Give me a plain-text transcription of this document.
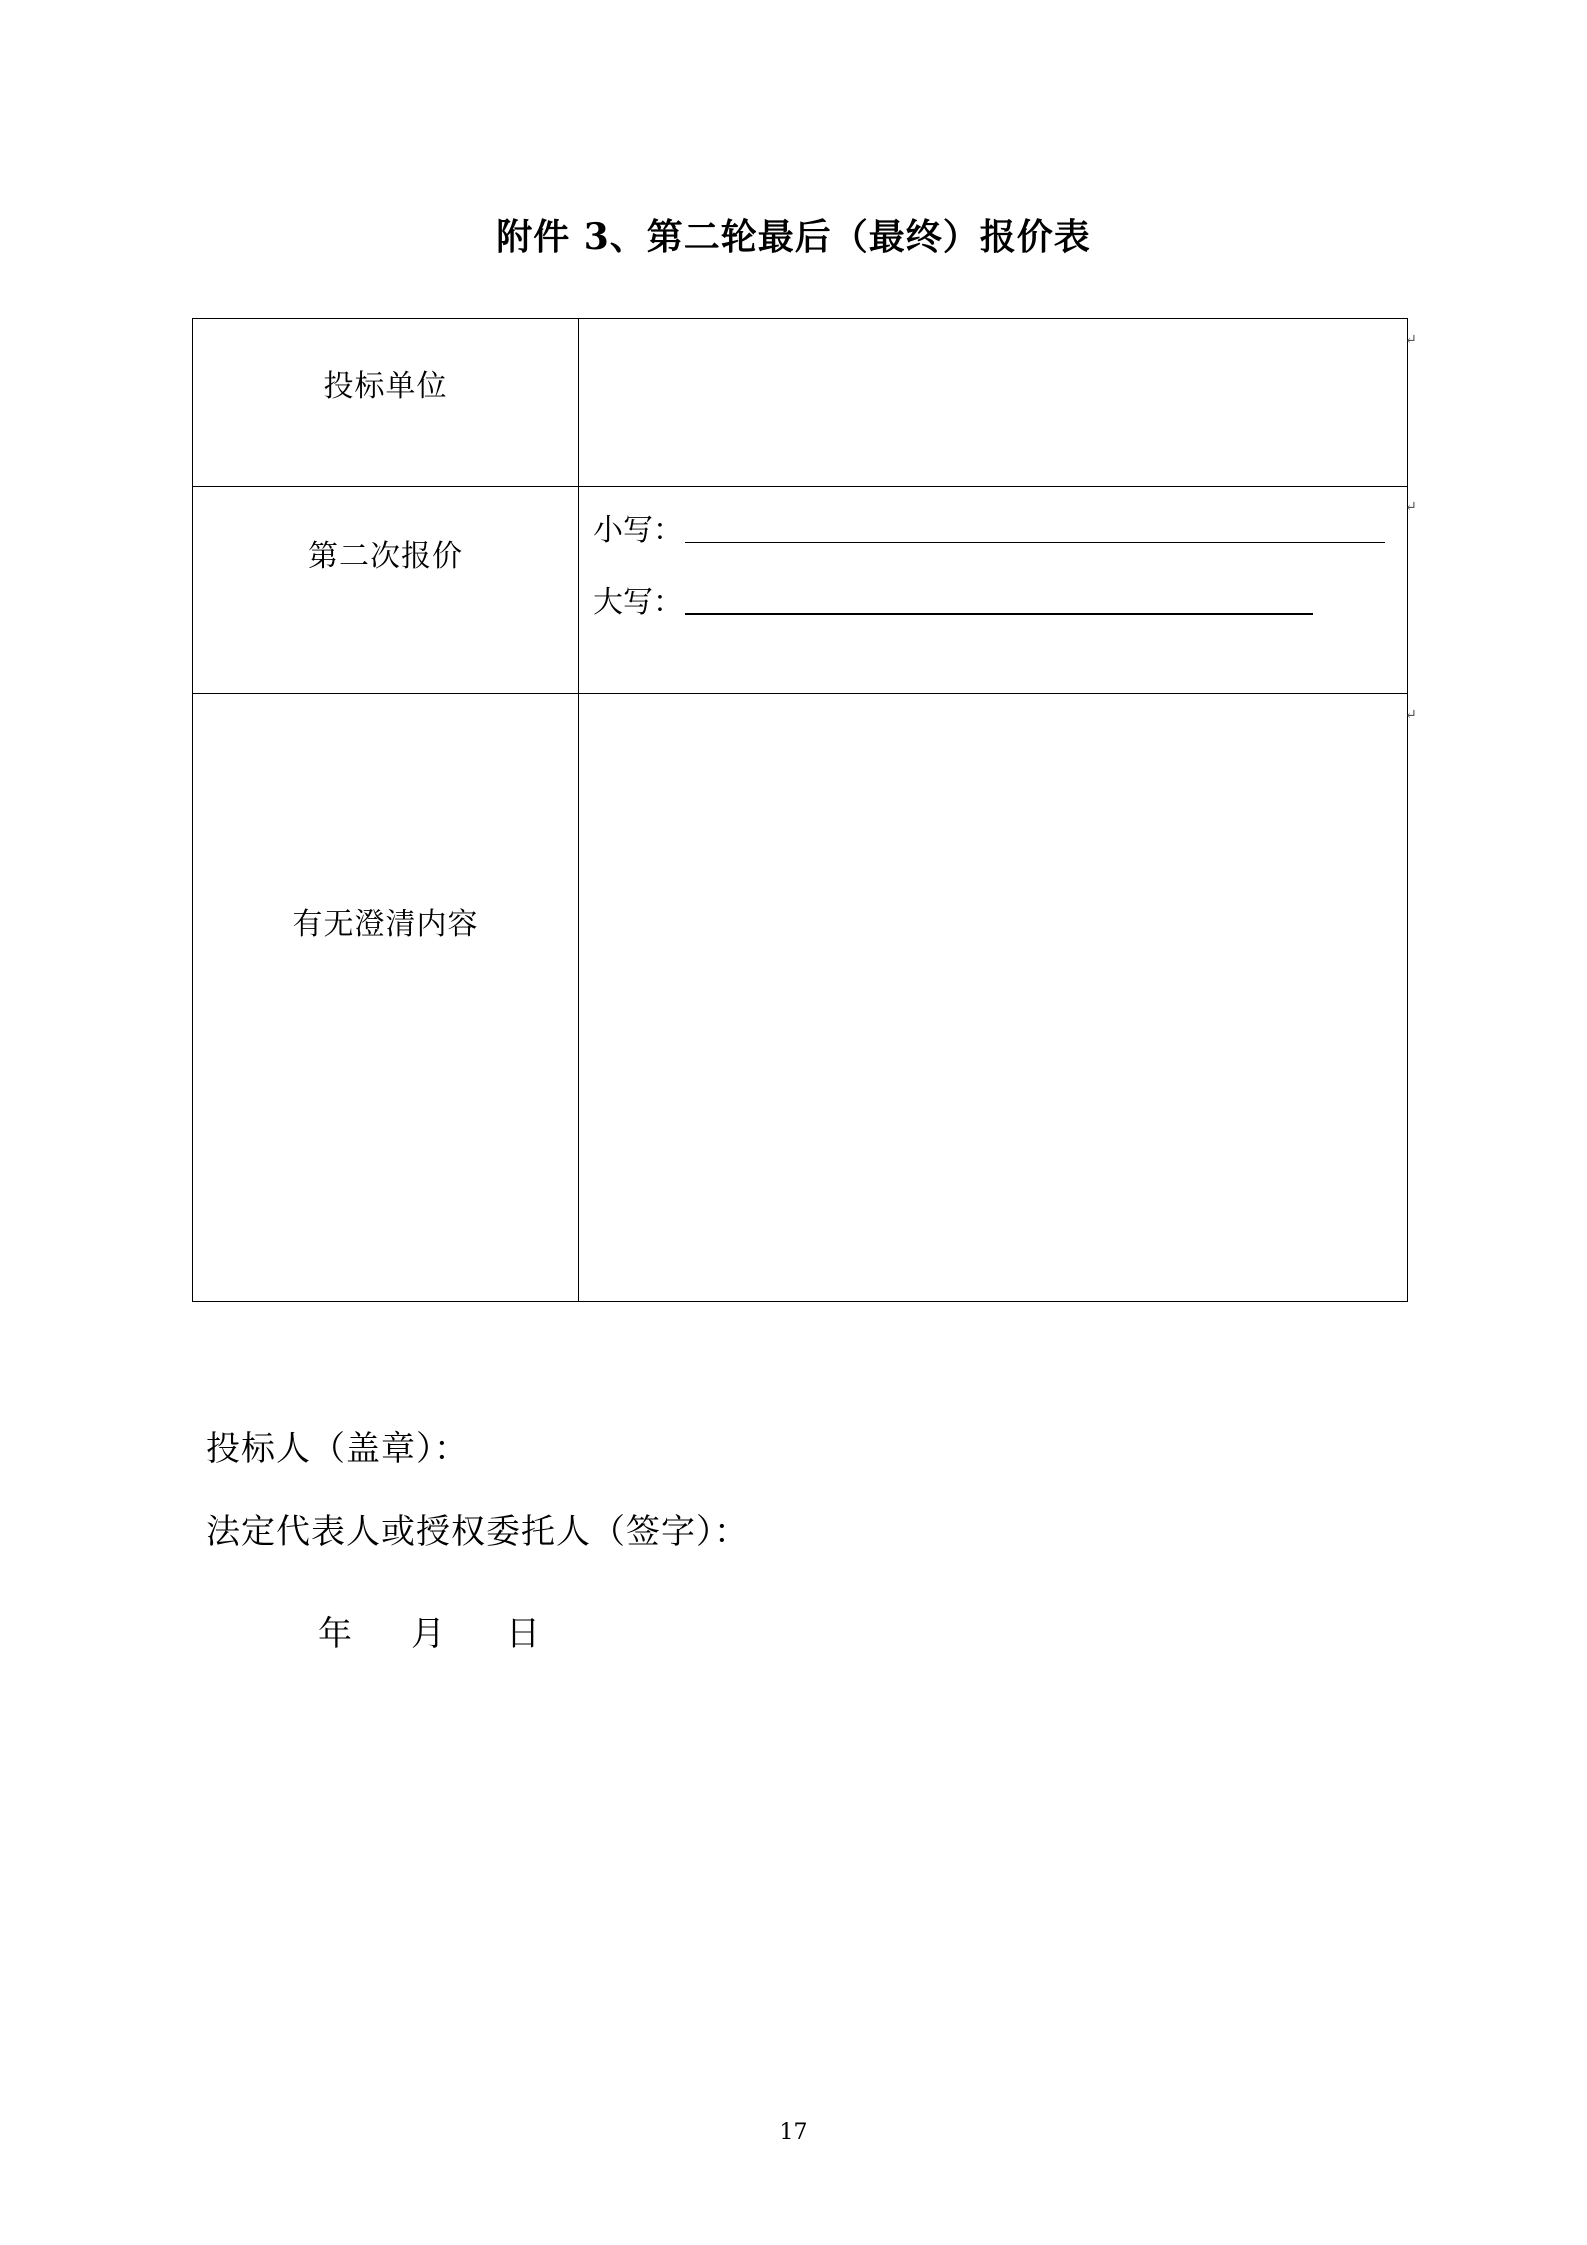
附件 3、第二轮最后（最终）报价表
投标单位
第二次报价
小写：
大写：
有无澄清内容
↵
↵
↵
投标人（盖章）：
法定代表人或授权委托人（签字）：
年 月 日
17
